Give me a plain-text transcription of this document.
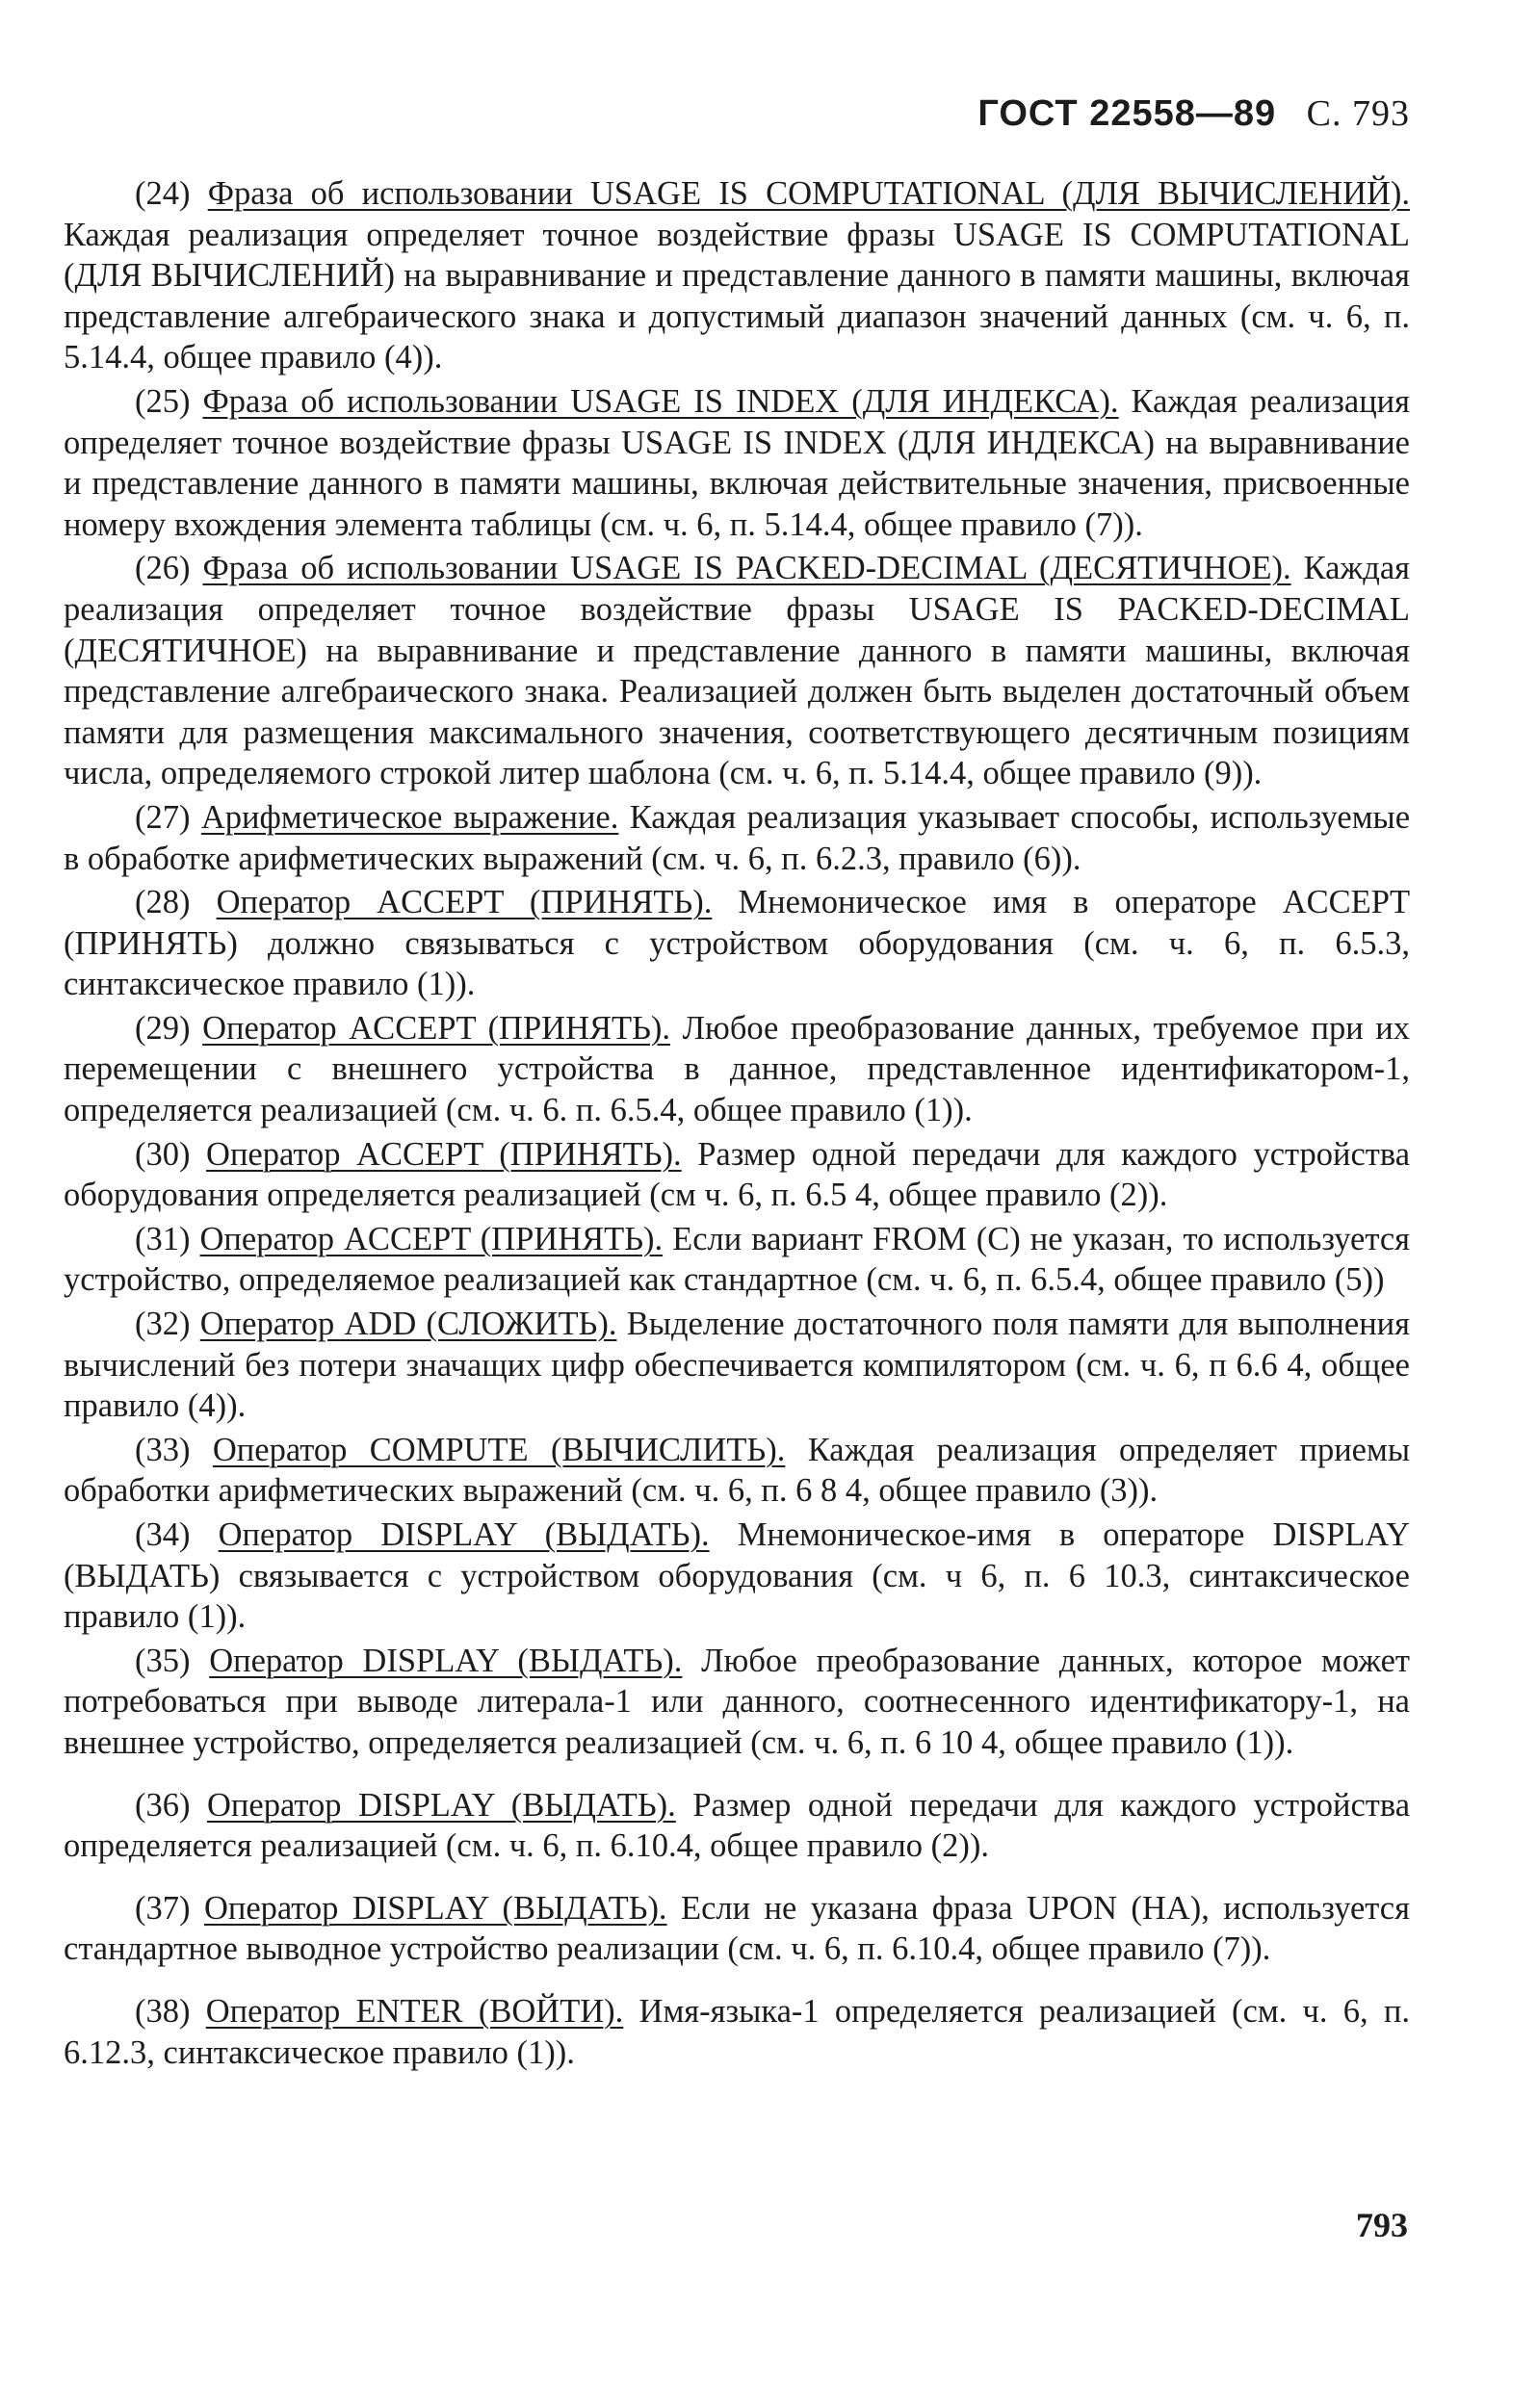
ГОСТ 22558—89 С. 793

(24) Фраза об использовании USAGE IS COMPUTATIONAL (ДЛЯ ВЫЧИСЛЕНИЙ). Каждая реализация определяет точное воздействие фразы USAGE IS COMPUTATIONAL (ДЛЯ ВЫЧИСЛЕНИЙ) на выравнивание и представление данного в памяти машины, включая представление алгебраического знака и допустимый диапазон значений данных (см. ч. 6, п. 5.14.4, общее правило (4)).

(25) Фраза об использовании USAGE IS INDEX (ДЛЯ ИНДЕКСА). Каждая реализация определяет точное воздействие фразы USAGE IS INDEX (ДЛЯ ИНДЕКСА) на выравнивание и представление данного в памяти машины, включая действительные значения, присвоенные номеру вхождения элемента таблицы (см. ч. 6, п. 5.14.4, общее правило (7)).

(26) Фраза об использовании USAGE IS PACKED-DECIMAL (ДЕСЯТИЧНОЕ). Каждая реализация определяет точное воздействие фразы USAGE IS PACKED-DECIMAL (ДЕСЯТИЧНОЕ) на выравнивание и представление данного в памяти машины, включая представление алгебраического знака. Реализацией должен быть выделен достаточный объем памяти для размещения максимального значения, соответствующего десятичным позициям числа, определяемого строкой литер шаблона (см. ч. 6, п. 5.14.4, общее правило (9)).

(27) Арифметическое выражение. Каждая реализация указывает способы, используемые в обработке арифметических выражений (см. ч. 6, п. 6.2.3, правило (6)).

(28) Оператор ACCEPT (ПРИНЯТЬ). Мнемоническое имя в операторе ACCEPT (ПРИНЯТЬ) должно связываться с устройством оборудования (см. ч. 6, п. 6.5.3, синтаксическое правило (1)).

(29) Оператор ACCEPT (ПРИНЯТЬ). Любое преобразование данных, требуемое при их перемещении с внешнего устройства в данное, представленное идентификатором-1, определяется реализацией (см. ч. 6. п. 6.5.4, общее правило (1)).

(30) Оператор ACCEPT (ПРИНЯТЬ). Размер одной передачи для каждого устройства оборудования определяется реализацией (см ч. 6, п. 6.5 4, общее правило (2)).

(31) Оператор ACCEPT (ПРИНЯТЬ). Если вариант FROM (С) не указан, то используется устройство, определяемое реализацией как стандартное (см. ч. 6, п. 6.5.4, общее правило (5))

(32) Оператор ADD (СЛОЖИТЬ). Выделение достаточного поля памяти для выполнения вычислений без потери значащих цифр обеспечивается компилятором (см. ч. 6, п 6.6 4, общее правило (4)).

(33) Оператор COMPUTE (ВЫЧИСЛИТЬ). Каждая реализация определяет приемы обработки арифметических выражений (см. ч. 6, п. 6 8 4, общее правило (3)).

(34) Оператор DISPLAY (ВЫДАТЬ). Мнемоническое-имя в операторе DISPLAY (ВЫДАТЬ) связывается с устройством оборудования (см. ч 6, п. 6 10.3, синтаксическое правило (1)).

(35) Оператор DISPLAY (ВЫДАТЬ). Любое преобразование данных, которое может потребоваться при выводе литерала-1 или данного, соотнесенного идентификатору-1, на внешнее устройство, определяется реализацией (см. ч. 6, п. 6 10 4, общее правило (1)).

(36) Оператор DISPLAY (ВЫДАТЬ). Размер одной передачи для каждого устройства определяется реализацией (см. ч. 6, п. 6.10.4, общее правило (2)).

(37) Оператор DISPLAY (ВЫДАТЬ). Если не указана фраза UPON (НА), используется стандартное выводное устройство реализации (см. ч. 6, п. 6.10.4, общее правило (7)).

(38) Оператор ENTER (ВОЙТИ). Имя-языка-1 определяется реализацией (см. ч. 6, п. 6.12.3, синтаксическое правило (1)).

793
